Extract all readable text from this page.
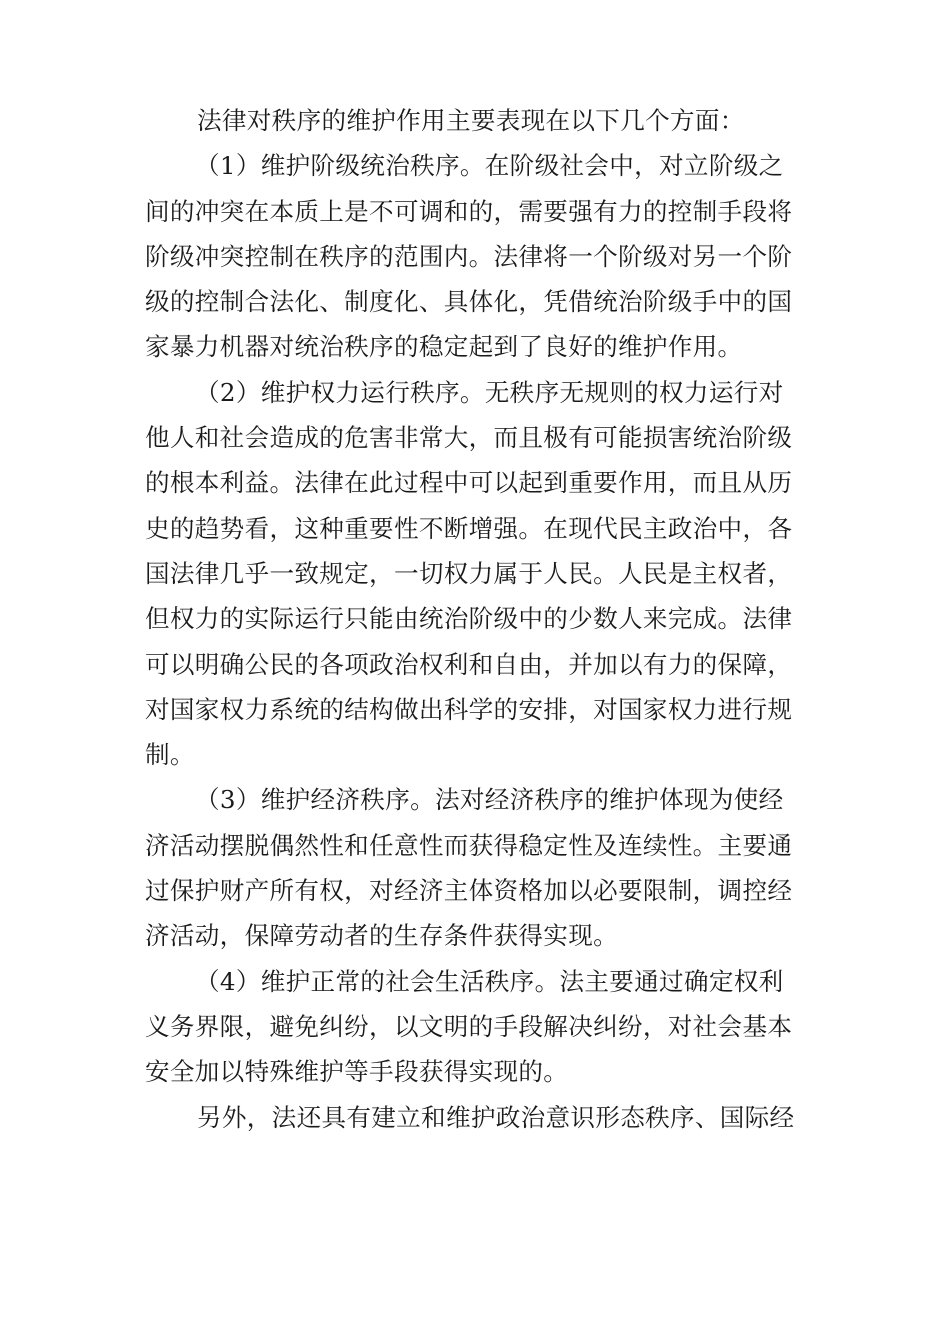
法律对秩序的维护作用主要表现在以下几个方面：
（1）维护阶级统治秩序。在阶级社会中，对立阶级之
间的冲突在本质上是不可调和的，需要强有力的控制手段将
阶级冲突控制在秩序的范围内。法律将一个阶级对另一个阶
级的控制合法化、制度化、具体化，凭借统治阶级手中的国
家暴力机器对统治秩序的稳定起到了良好的维护作用。
（2）维护权力运行秩序。无秩序无规则的权力运行对
他人和社会造成的危害非常大，而且极有可能损害统治阶级
的根本利益。法律在此过程中可以起到重要作用，而且从历
史的趋势看，这种重要性不断增强。在现代民主政治中，各
国法律几乎一致规定，一切权力属于人民。人民是主权者，
但权力的实际运行只能由统治阶级中的少数人来完成。法律
可以明确公民的各项政治权利和自由，并加以有力的保障，
对国家权力系统的结构做出科学的安排，对国家权力进行规
制。
（3）维护经济秩序。法对经济秩序的维护体现为使经
济活动摆脱偶然性和任意性而获得稳定性及连续性。主要通
过保护财产所有权，对经济主体资格加以必要限制，调控经
济活动，保障劳动者的生存条件获得实现。
（4）维护正常的社会生活秩序。法主要通过确定权利
义务界限，避免纠纷，以文明的手段解决纠纷，对社会基本
安全加以特殊维护等手段获得实现的。
另外，法还具有建立和维护政治意识形态秩序、国际经
